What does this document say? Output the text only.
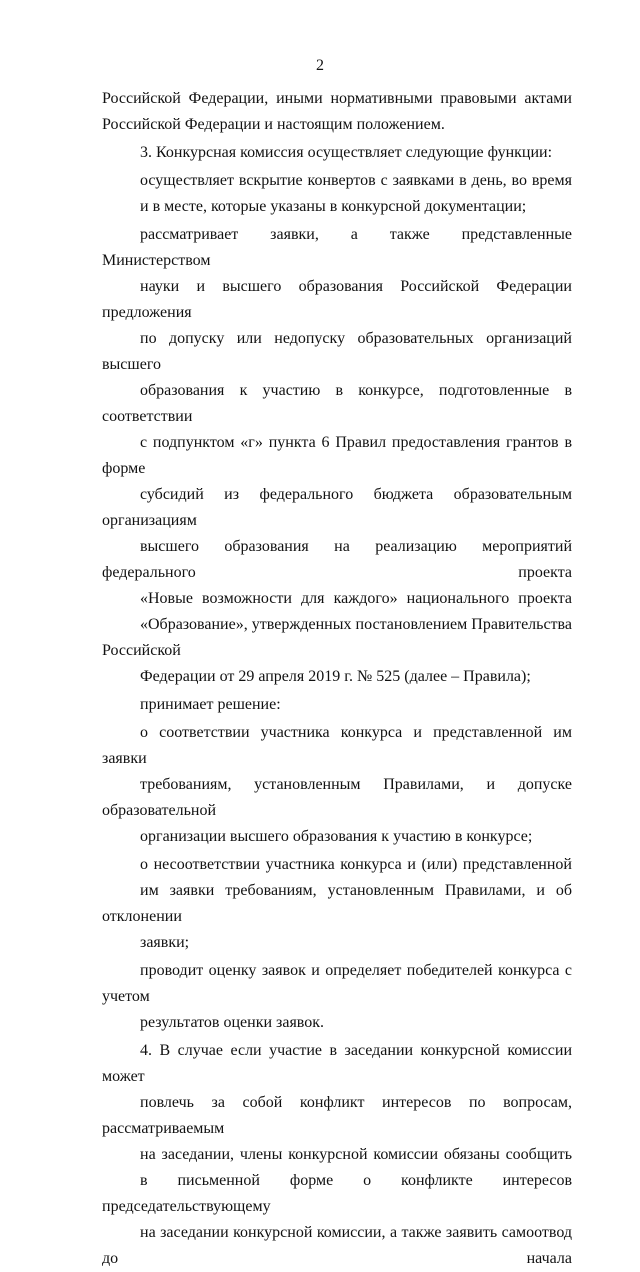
2

Российской Федерации, иными нормативными правовыми актами
Российской Федерации и настоящим положением.

3. Конкурсная комиссия осуществляет следующие функции:

осуществляет вскрытие конвертов с заявками в день, во время
и в месте, которые указаны в конкурсной документации;

рассматривает заявки, а также представленные Министерством
науки и высшего образования Российской Федерации предложения
по допуску или недопуску образовательных организаций высшего
образования к участию в конкурсе, подготовленные в соответствии
с подпунктом «г» пункта 6 Правил предоставления грантов в форме
субсидий из федерального бюджета образовательным организациям
высшего образования на реализацию мероприятий федерального проекта
«Новые возможности для каждого» национального проекта
«Образование», утвержденных постановлением Правительства Российской
Федерации от 29 апреля 2019 г. № 525 (далее – Правила);

принимает решение:

о соответствии участника конкурса и представленной им заявки
требованиям, установленным Правилами, и допуске образовательной
организации высшего образования к участию в конкурсе;

о несоответствии участника конкурса и (или) представленной
им заявки требованиям, установленным Правилами, и об отклонении
заявки;

проводит оценку заявок и определяет победителей конкурса с учетом
результатов оценки заявок.

4. В случае если участие в заседании конкурсной комиссии может
повлечь за собой конфликт интересов по вопросам, рассматриваемым
на заседании, члены конкурсной комиссии обязаны сообщить
в письменной форме о конфликте интересов председательствующему
на заседании конкурсной комиссии, а также заявить самоотвод до начала
